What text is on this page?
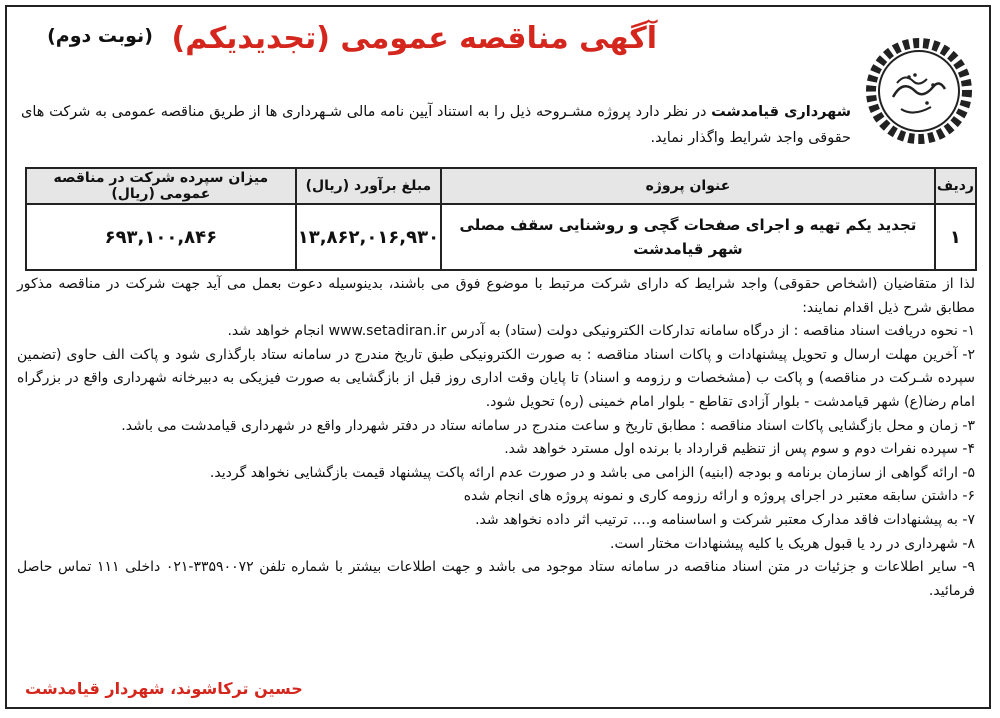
آگهی مناقصه عمومی (تجدیدیکم)
(نوبت دوم)
شهرداری قیامدشت در نظر دارد پروژه مشـروحه ذیل را به استناد آیین نامه مالی شـهرداری ها از طریق مناقصه عمومی به شرکت های حقوقی واجد شرایط واگذار نماید.
ردیف	عنوان پروژه	مبلغ برآورد (ریال)	میزان سپرده شرکت در مناقصه عمومی (ریال)
۱	تجدید یکم تهیه و اجرای صفحات گچی و روشنایی سقف مصلی شهر قیامدشت	۱۳,۸۶۲,۰۱۶,۹۳۰	۶۹۳,۱۰۰,۸۴۶

لذا از متقاضیان (اشخاص حقوقی) واجد شرایط که دارای شرکت مرتبط با موضوع فوق می باشند، بدینوسیله دعوت بعمل می آید جهت شرکت در مناقصه مذکور مطابق شرح ذیل اقدام نمایند:

۱- نحوه دریافت اسناد مناقصه : از درگاه سامانه تدارکات الکترونیکی دولت (ستاد) به آدرس www.setadiran.ir انجام خواهد شد.

۲- آخرین مهلت ارسال و تحویل پیشنهادات و پاکات اسناد مناقصه : به صورت الکترونیکی طبق تاریخ مندرج در سامانه ستاد بارگذاری شود و پاکت الف حاوی (تضمین سپرده شـرکت در مناقصه) و پاکت ب (مشخصات و رزومه و اسناد) تا پایان وقت اداری روز قبل از بازگشایی به صورت فیزیکی به دبیرخانه شهرداری واقع در بزرگراه امام رضا(ع) شهر قیامدشت - بلوار آزادی تقاطع - بلوار امام خمینی (ره) تحویل شود.

۳- زمان و محل بازگشایی پاکات اسناد مناقصه : مطابق تاریخ و ساعت مندرج در سامانه ستاد در دفتر شهردار واقع در شهرداری قیامدشت می باشد.

۴- سپرده نفرات دوم و سوم پس از تنظیم قرارداد با برنده اول مسترد خواهد شد.

۵- ارائه گواهی از سازمان برنامه و بودجه (ابنیه) الزامی می باشد و در صورت عدم ارائه پاکت پیشنهاد قیمت بازگشایی نخواهد گردید.

۶- داشتن سابقه معتبر در اجرای پروژه و ارائه رزومه کاری و نمونه پروژه های انجام شده

۷- به پیشنهادات فاقد مدارک معتبر شرکت و اساسنامه و.... ترتیب اثر داده نخواهد شد.

۸- شهرداری در رد یا قبول هریک یا کلیه پیشنهادات مختار است.

۹- سایر اطلاعات و جزئیات در متن اسناد مناقصه در سامانه ستاد موجود می باشد و جهت اطلاعات بیشتر با شماره تلفن ۳۳۵۹۰۰۷۲-۰۲۱ داخلی ۱۱۱ تماس حاصل فرمائید.

حسین ترکاشوند، شهردار قیامدشت
